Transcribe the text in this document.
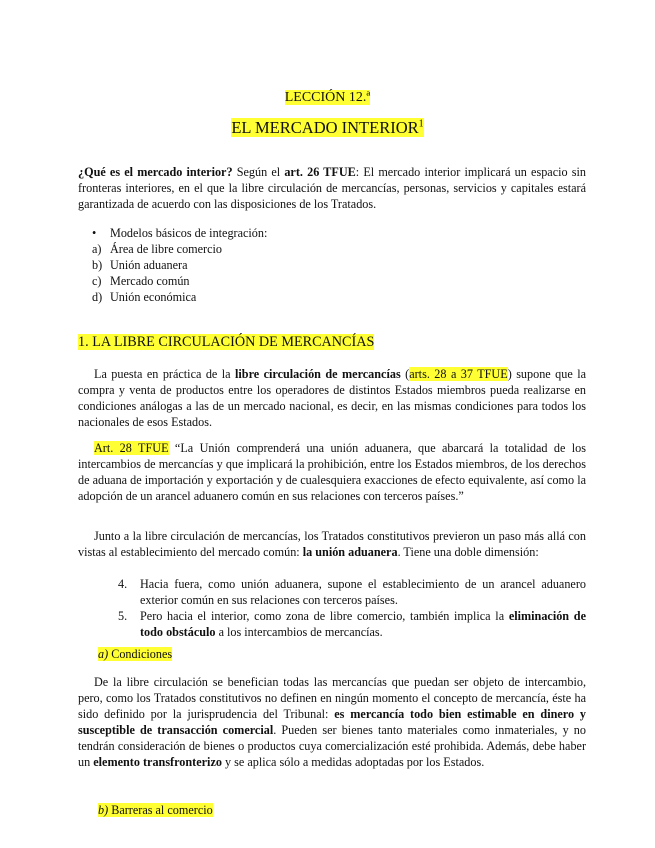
LECCIÓN 12.ª
EL MERCADO INTERIOR$^1$
¿Qué es el mercado interior? Según el art. 26 TFUE: El mercado interior implicará un espacio sin fronteras interiores, en el que la libre circulación de mercancías, personas, servicios y capitales estará garantizada de acuerdo con las disposiciones de los Tratados.
•	Modelos básicos de integración:
a) Área de libre comercio
b) Unión aduanera
c) Mercado común
d) Unión económica
1. LA LIBRE CIRCULACIÓN DE MERCANCÍAS
La puesta en práctica de la libre circulación de mercancías (arts. 28 a 37 TFUE) supone que la compra y venta de productos entre los operadores de distintos Estados miembros pueda realizarse en condiciones análogas a las de un mercado nacional, es decir, en las mismas condiciones para todos los nacionales de esos Estados.
Art. 28 TFUE “La Unión comprenderá una unión aduanera, que abarcará la totalidad de los intercambios de mercancías y que implicará la prohibición, entre los Estados miembros, de los derechos de aduana de importación y exportación y de cualesquiera exacciones de efecto equivalente, así como la adopción de un arancel aduanero común en sus relaciones con terceros países.”
Junto a la libre circulación de mercancías, los Tratados constitutivos previeron un paso más allá con vistas al establecimiento del mercado común: la unión aduanera. Tiene una doble dimensión:
4.	Hacia fuera, como unión aduanera, supone el establecimiento de un arancel aduanero exterior común en sus relaciones con terceros países.
5.	Pero hacia el interior, como zona de libre comercio, también implica la eliminación de todo obstáculo a los intercambios de mercancías.
a) Condiciones
De la libre circulación se benefician todas las mercancías que puedan ser objeto de intercambio, pero, como los Tratados constitutivos no definen en ningún momento el concepto de mercancía, éste ha sido definido por la jurisprudencia del Tribunal: es mercancía todo bien estimable en dinero y susceptible de transacción comercial. Pueden ser bienes tanto materiales como inmateriales, y no tendrán consideración de bienes o productos cuya comercialización esté prohibida. Además, debe haber un elemento transfronterizo y se aplica sólo a medidas adoptadas por los Estados.
b) Barreras al comercio
